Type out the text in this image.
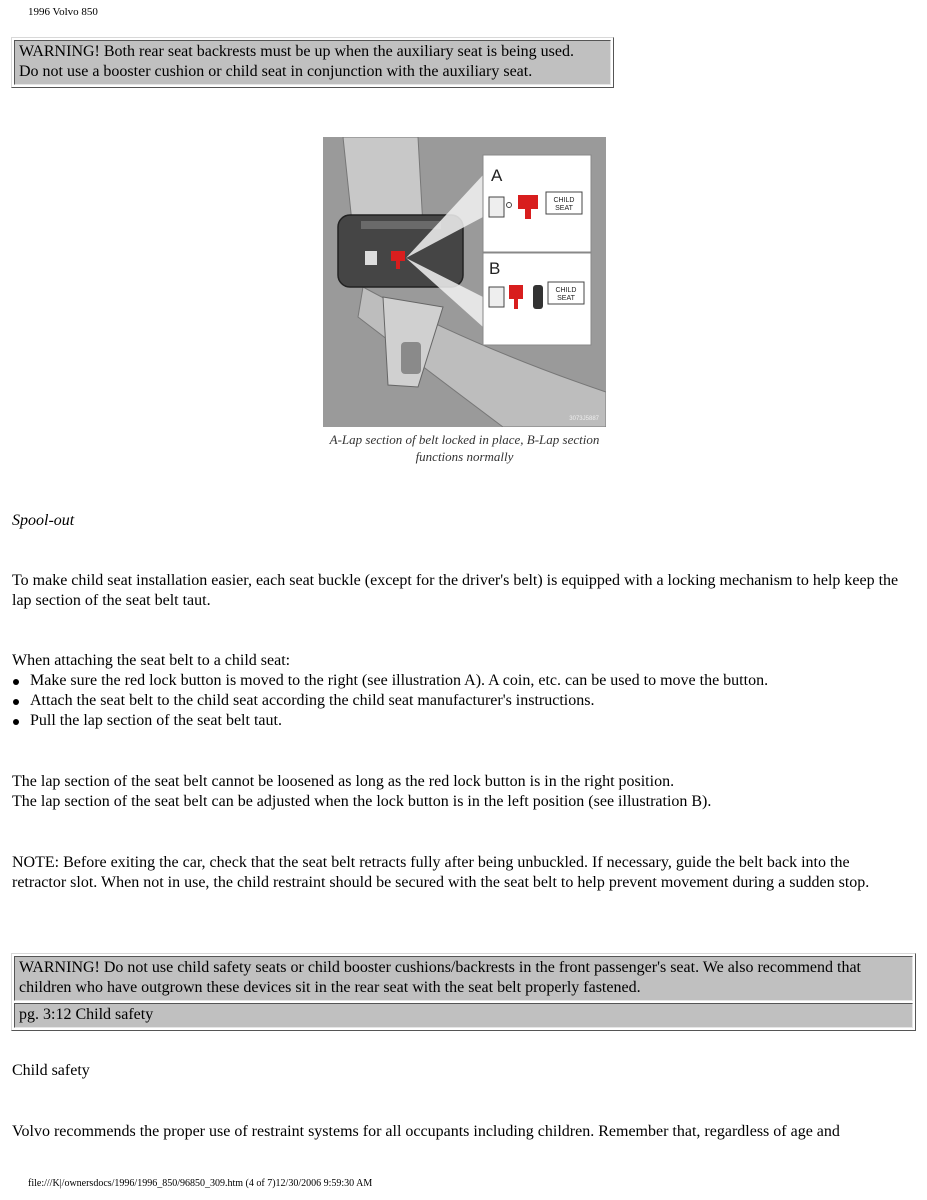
1996 Volvo 850
WARNING! Both rear seat backrests must be up when the auxiliary seat is being used.
Do not use a booster cushion or child seat in conjunction with the auxiliary seat.
A
CHILD
SEAT
B
CHILD
SEAT
3073J5887
A-Lap section of belt locked in place, B-Lap section functions normally
Spool-out
To make child seat installation easier, each seat buckle (except for the driver's belt) is equipped with a locking mechanism to help keep the lap section of the seat belt taut.
When attaching the seat belt to a child seat:
Make sure the red lock button is moved to the right (see illustration A). A coin, etc. can be used to move the button.
Attach the seat belt to the child seat according the child seat manufacturer's instructions.
Pull the lap section of the seat belt taut.
The lap section of the seat belt cannot be loosened as long as the red lock button is in the right position.
The lap section of the seat belt can be adjusted when the lock button is in the left position (see illustration B).
NOTE: Before exiting the car, check that the seat belt retracts fully after being unbuckled. If necessary, guide the belt back into the retractor slot. When not in use, the child restraint should be secured with the seat belt to help prevent movement during a sudden stop.
WARNING! Do not use child safety seats or child booster cushions/backrests in the front passenger's seat. We also recommend that children who have outgrown these devices sit in the rear seat with the seat belt properly fastened.
pg. 3:12 Child safety
Child safety
Volvo recommends the proper use of restraint systems for all occupants including children. Remember that, regardless of age and
file:///K|/ownersdocs/1996/1996_850/96850_309.htm (4 of 7)12/30/2006 9:59:30 AM
